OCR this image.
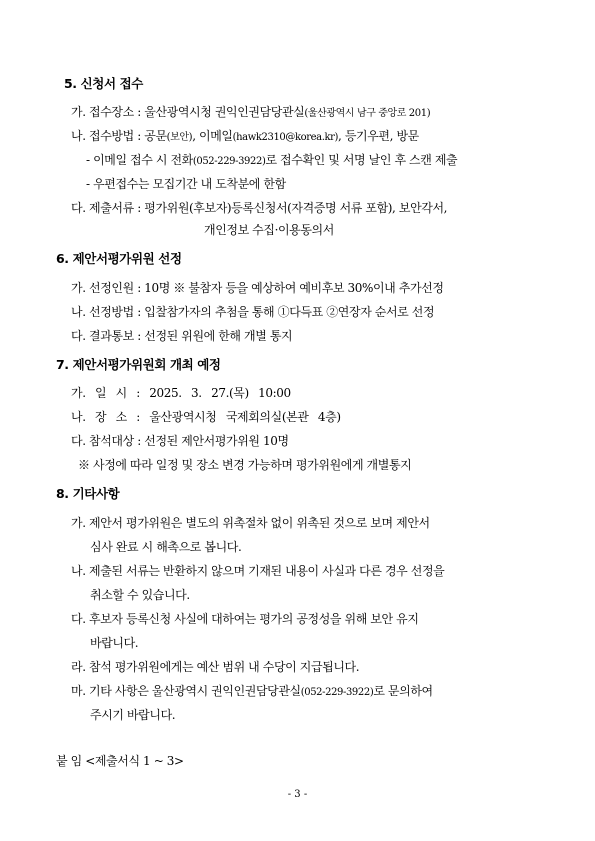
5. 신청서 접수
가. 접수장소 : 울산광역시청 권익인권담당관실(울산광역시 남구 중앙로 201)
나. 접수방법 : 공문(보안), 이메일(hawk2310@korea.kr), 등기우편, 방문
- 이메일 접수 시 전화(052-229-3922)로 접수확인 및 서명 날인 후 스캔 제출
- 우편접수는 모집기간 내 도착분에 한함
다. 제출서류 : 평가위원(후보자)등록신청서(자격증명 서류 포함), 보안각서,
개인정보 수집·이용동의서
6. 제안서평가위원 선정
가. 선정인원 : 10명 ※ 불참자 등을 예상하여 예비후보 30%이내 추가선정
나. 선정방법 : 입찰참가자의 추첨을 통해 ①다득표 ②연장자 순서로 선정
다. 결과통보 : 선정된 위원에 한해 개별 통지
7. 제안서평가위원회 개최 예정
가. 일 시 : 2025. 3. 27.(목) 10:00
나. 장 소 : 울산광역시청 국제회의실(본관 4층)
다. 참석대상 : 선정된 제안서평가위원 10명
※ 사정에 따라 일정 및 장소 변경 가능하며 평가위원에게 개별통지
8. 기타사항
가. 제안서 평가위원은 별도의 위촉절차 없이 위촉된 것으로 보며 제안서
심사 완료 시 해촉으로 봅니다.
나. 제출된 서류는 반환하지 않으며 기재된 내용이 사실과 다른 경우 선정을
취소할 수 있습니다.
다. 후보자 등록신청 사실에 대하여는 평가의 공정성을 위해 보안 유지
바랍니다.
라. 참석 평가위원에게는 예산 범위 내 수당이 지급됩니다.
마. 기타 사항은 울산광역시 권익인권담당관실(052-229-3922)로 문의하여
주시기 바랍니다.
붙 임 <제출서식 1 ~ 3>
- 3 -
